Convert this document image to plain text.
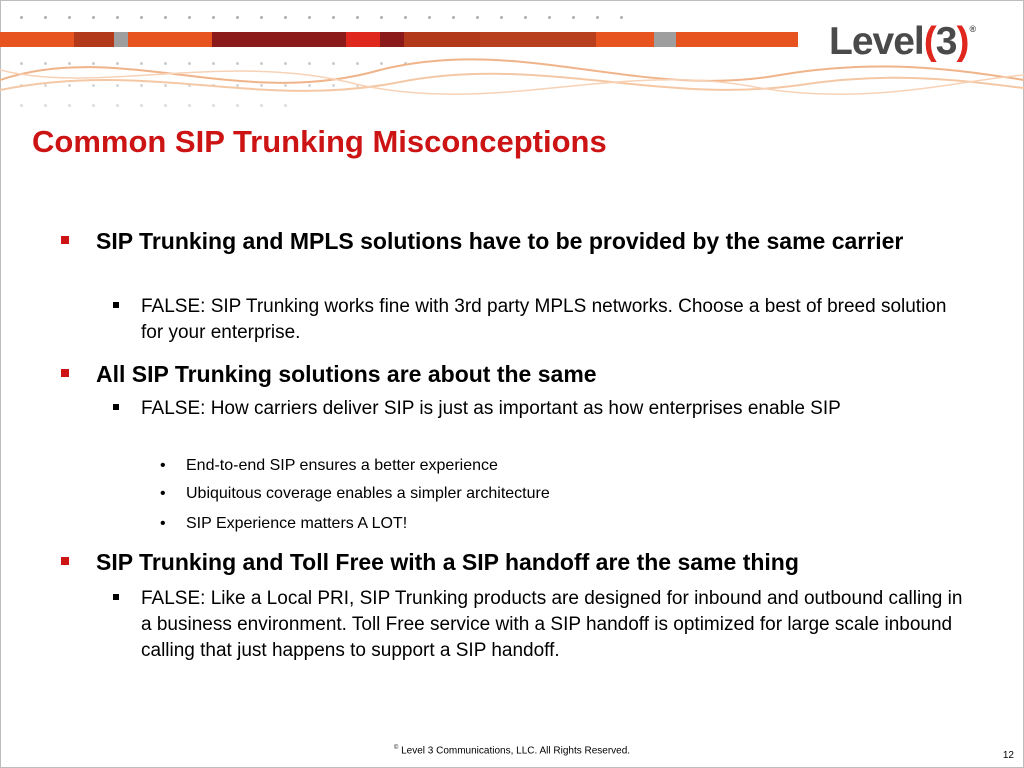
Level(3)®
Common SIP Trunking Misconceptions
SIP Trunking and MPLS solutions have to be provided by the same carrier
FALSE: SIP Trunking works fine with 3rd party MPLS networks. Choose a best of breed solution for your enterprise.
All SIP Trunking solutions are about the same
FALSE: How carriers deliver SIP is just as important as how enterprises enable SIP
• End-to-end SIP ensures a better experience
• Ubiquitous coverage enables a simpler architecture
• SIP Experience matters A LOT!
SIP Trunking and Toll Free with a SIP handoff are the same thing
FALSE: Like a Local PRI, SIP Trunking products are designed for inbound and outbound calling in a business environment. Toll Free service with a SIP handoff is optimized for large scale inbound calling that just happens to support a SIP handoff.
© Level 3 Communications, LLC. All Rights Reserved.	12
